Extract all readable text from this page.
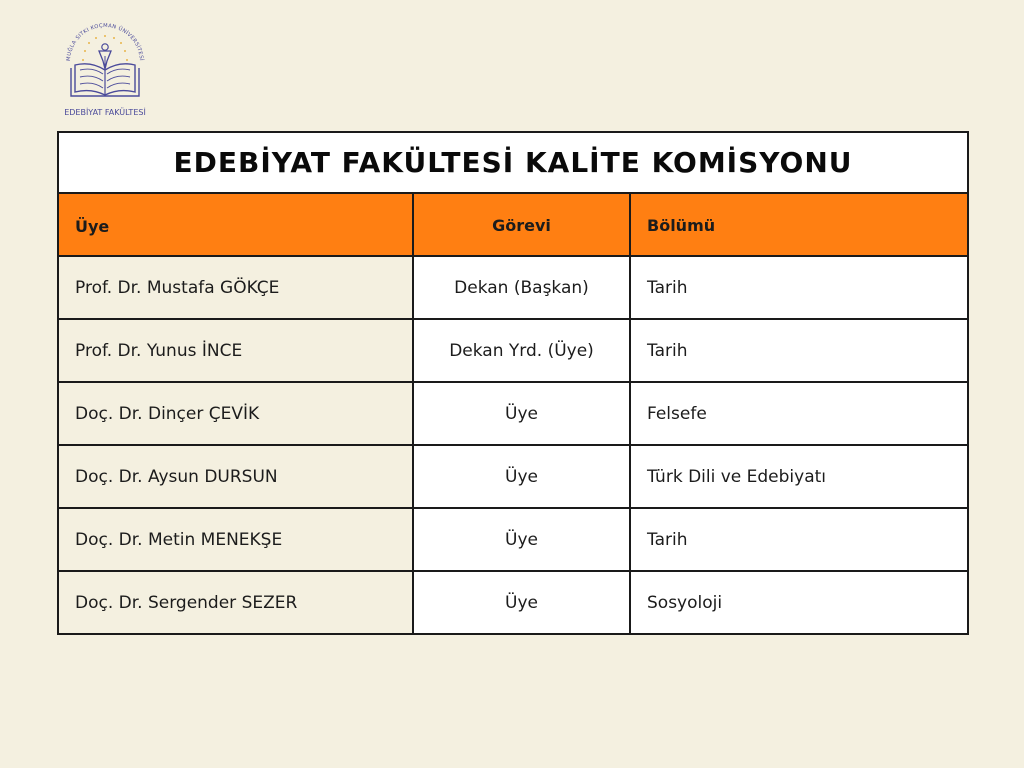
MUĞLA SITKI KOÇMAN ÜNİVERSİTESİ
EDEBİYAT FAKÜLTESİ
EDEBİYAT FAKÜLTESİ KALİTE KOMİSYONU		
Üye	Görevi	Bölümü
Prof. Dr. Mustafa GÖKÇE	Dekan (Başkan)	Tarih
Prof. Dr. Yunus İNCE	Dekan Yrd. (Üye)	Tarih
Doç. Dr. Dinçer ÇEVİK	Üye	Felsefe
Doç. Dr. Aysun DURSUN	Üye	Türk Dili ve Edebiyatı
Doç. Dr. Metin MENEKŞE	Üye	Tarih
Doç. Dr. Sergender SEZER	Üye	Sosyoloji
